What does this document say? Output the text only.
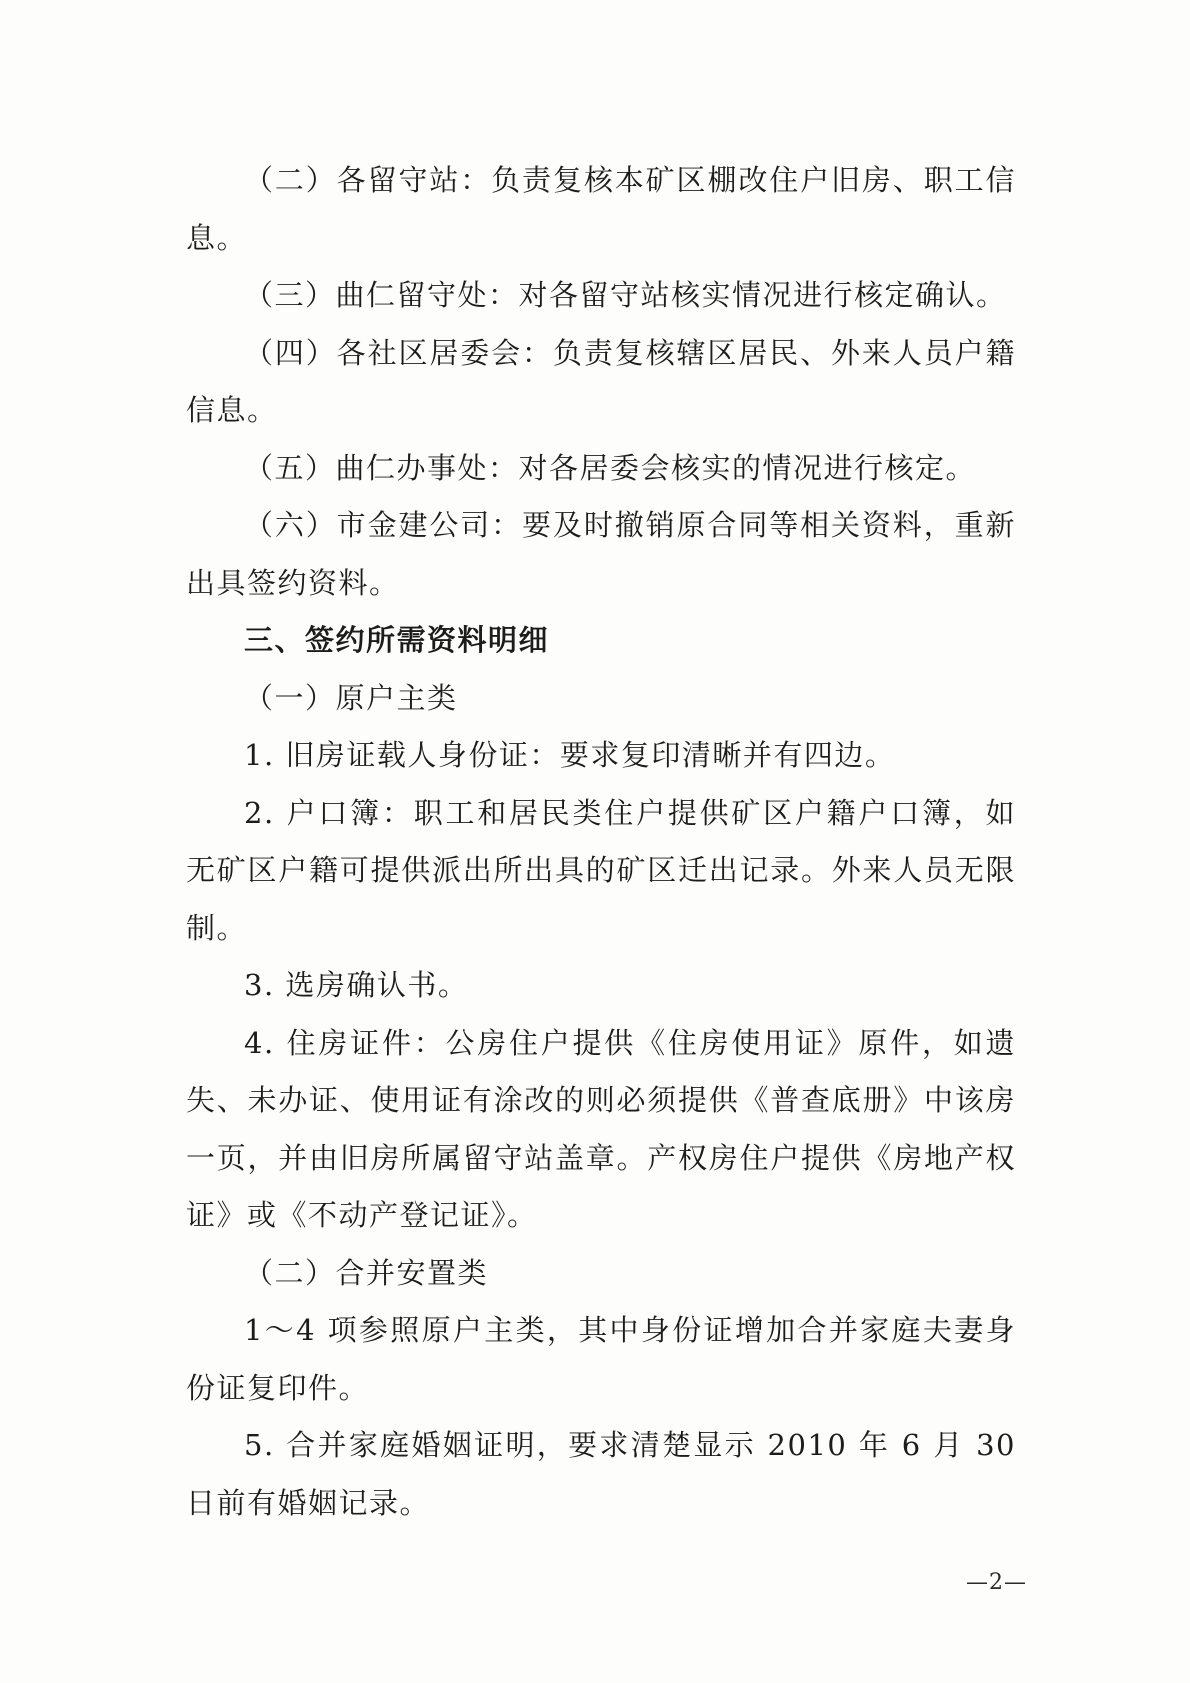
（二）各留守站：负责复核本矿区棚改住户旧房、职工信息。

（三）曲仁留守处：对各留守站核实情况进行核定确认。

（四）各社区居委会：负责复核辖区居民、外来人员户籍信息。

（五）曲仁办事处：对各居委会核实的情况进行核定。

（六）市金建公司：要及时撤销原合同等相关资料，重新出具签约资料。

三、签约所需资料明细

（一）原户主类

1. 旧房证载人身份证：要求复印清晰并有四边。

2. 户口簿：职工和居民类住户提供矿区户籍户口簿，如无矿区户籍可提供派出所出具的矿区迁出记录。外来人员无限制。

3. 选房确认书。

4. 住房证件：公房住户提供《住房使用证》原件，如遗失、未办证、使用证有涂改的则必须提供《普查底册》中该房一页，并由旧房所属留守站盖章。产权房住户提供《房地产权证》或《不动产登记证》。

（二）合并安置类

1～4 项参照原户主类，其中身份证增加合并家庭夫妻身份证复印件。

5. 合并家庭婚姻证明，要求清楚显示 2010 年 6 月 30 日前有婚姻记录。

—2—
